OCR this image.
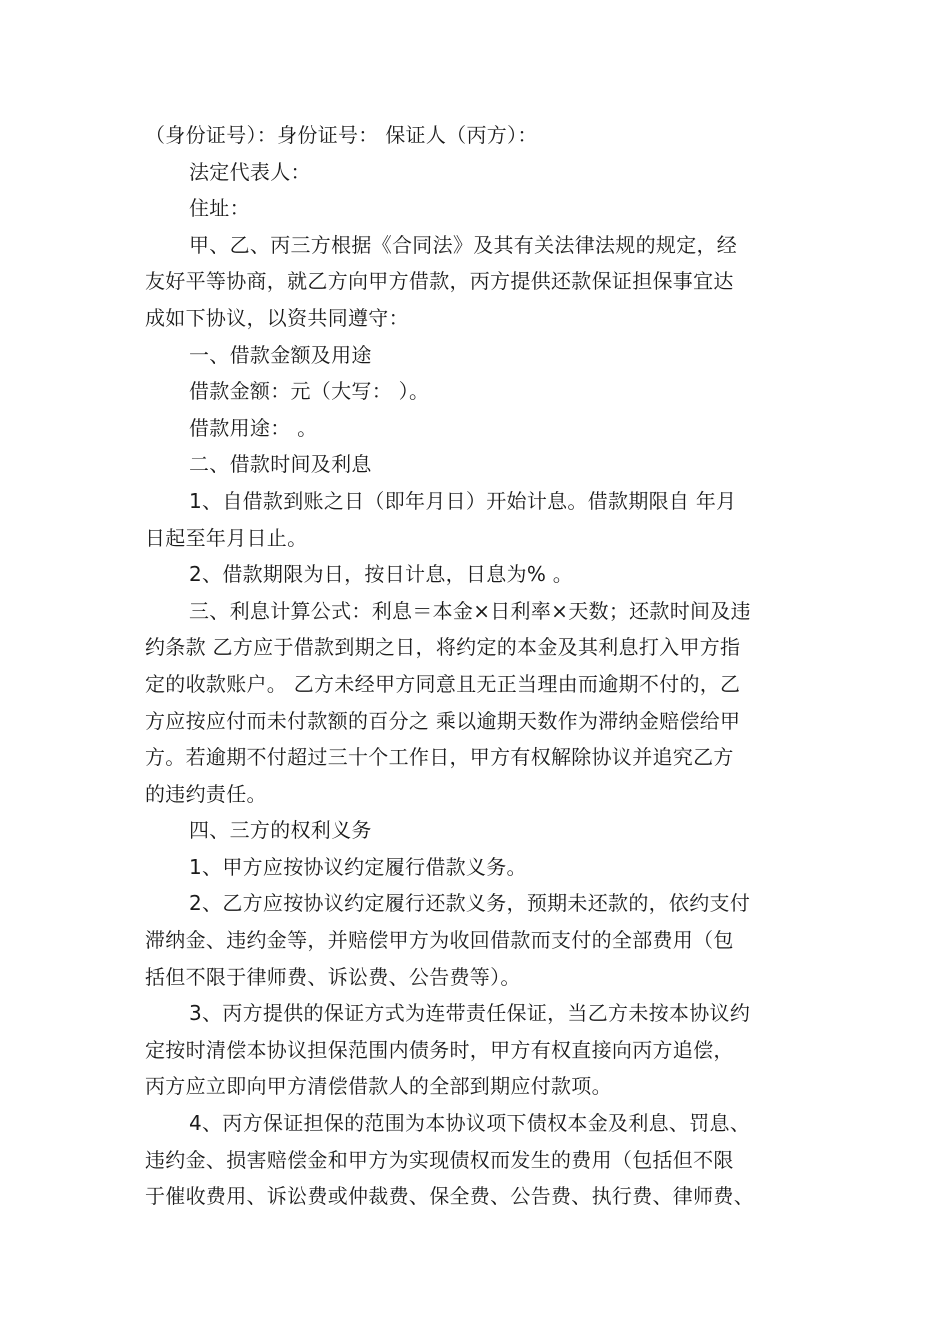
（身份证号）：身份证号： 保证人（丙方）：
法定代表人：
住址：
甲、乙、丙三方根据《合同法》及其有关法律法规的规定，经
友好平等协商，就乙方向甲方借款，丙方提供还款保证担保事宜达
成如下协议，以资共同遵守：
一、借款金额及用途
借款金额：元（大写： ）。
借款用途： 。
二、借款时间及利息
1、自借款到账之日（即年月日）开始计息。借款期限自 年月
日起至年月日止。
2、借款期限为日，按日计息，日息为% 。
三、利息计算公式：利息＝本金×日利率×天数；还款时间及违
约条款 乙方应于借款到期之日，将约定的本金及其利息打入甲方指
定的收款账户。 乙方未经甲方同意且无正当理由而逾期不付的，乙
方应按应付而未付款额的百分之 乘以逾期天数作为滞纳金赔偿给甲
方。若逾期不付超过三十个工作日，甲方有权解除协议并追究乙方
的违约责任。
四、三方的权利义务
1、甲方应按协议约定履行借款义务。
2、乙方应按协议约定履行还款义务，预期未还款的，依约支付
滞纳金、违约金等，并赔偿甲方为收回借款而支付的全部费用（包
括但不限于律师费、诉讼费、公告费等）。
3、丙方提供的保证方式为连带责任保证，当乙方未按本协议约
定按时清偿本协议担保范围内债务时，甲方有权直接向丙方追偿，
丙方应立即向甲方清偿借款人的全部到期应付款项。
4、丙方保证担保的范围为本协议项下债权本金及利息、罚息、
违约金、损害赔偿金和甲方为实现债权而发生的费用（包括但不限
于催收费用、诉讼费或仲裁费、保全费、公告费、执行费、律师费、
